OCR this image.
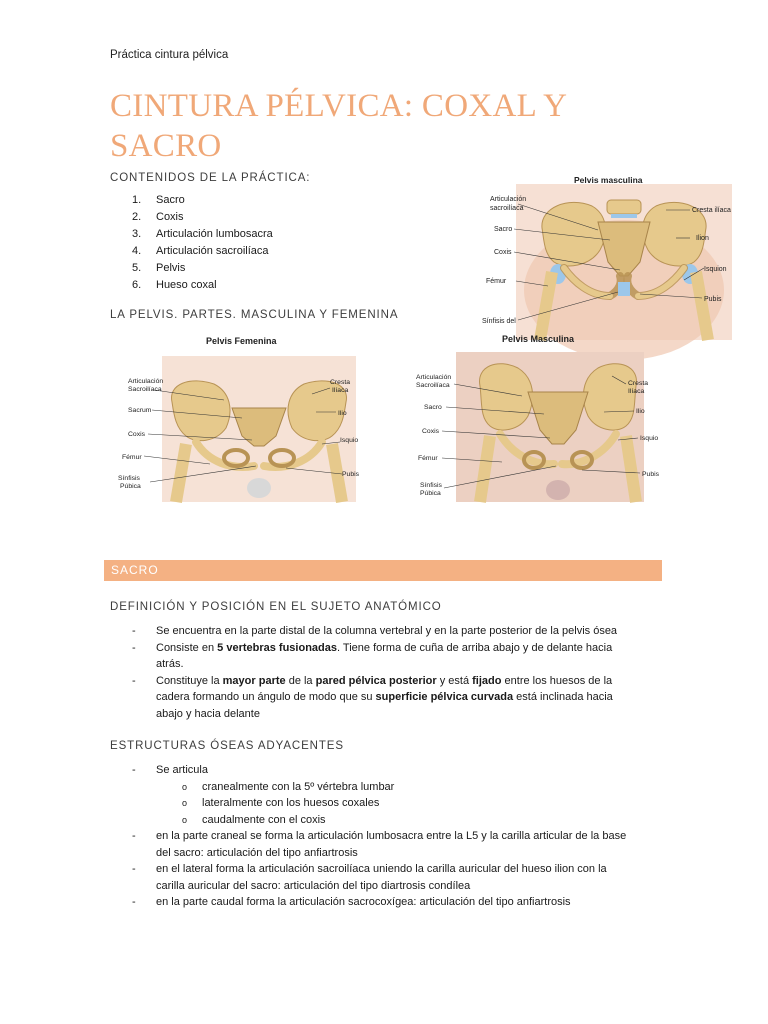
Práctica cintura pélvica
CINTURA PÉLVICA: COXAL Y
SACRO
CONTENIDOS DE LA PRÁCTICA:
1. Sacro
2. Coxis
3. Articulación lumbosacra
4. Articulación sacroilíaca
5. Pelvis
6. Hueso coxal
LA PELVIS. PARTES. MASCULINA Y FEMENINA
Pelvis masculina
Articulación
sacroilíaca	Cresta ilíaca
Sacro
Ilion
Coxis
Isquion
Fémur
Pubis
Sínfisis del
Pelvis Femenina
Articulación
Sacroilíaca
Cresta
Ilíaca
Sacrum	Ilio
Coxis
Isquio
Fémur
Sínfisis
Púbica
Pubis
Pelvis Masculina
Articulación
Sacroilíaca	Cresta
Ilíaca
Sacro
Ilio
Coxis
Isquio
Fémur
Pubis
Sínfisis
Púbica
SACRO
DEFINICIÓN Y POSICIÓN EN EL SUJETO ANATÓMICO
- Se encuentra en la parte distal de la columna vertebral y en la parte posterior de la pelvis ósea
- Consiste en 5 vertebras fusionadas. Tiene forma de cuña de arriba abajo y de delante hacia
atrás.
- Constituye la mayor parte de la pared pélvica posterior y está fijado entre los huesos de la
cadera formando un ángulo de modo que su superficie pélvica curvada está inclinada hacia
abajo y hacia delante
ESTRUCTURAS ÓSEAS ADYACENTES
- Se articula
o cranealmente con la 5º vértebra lumbar
o lateralmente con los huesos coxales
o caudalmente con el coxis
- en la parte craneal se forma la articulación lumbosacra entre la L5 y la carilla articular de la base
del sacro: articulación del tipo anfiartrosis
- en el lateral forma la articulación sacroilíaca uniendo la carilla auricular del hueso ilion con la
carilla auricular del sacro: articulación del tipo diartrosis condílea
- en la parte caudal forma la articulación sacrocoxígea: articulación del tipo anfiartrosis
